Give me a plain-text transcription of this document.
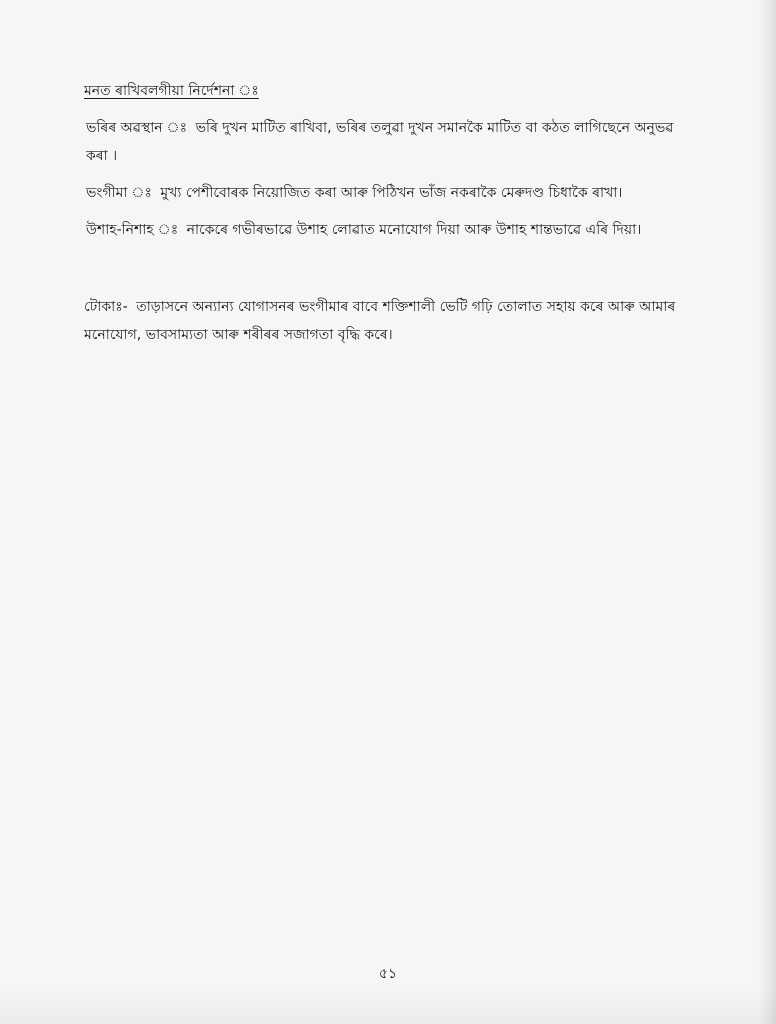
মনত ৰাখিবলগীয়া নির্দেশনা ঃ

ভৰিৰ অৱস্থান ঃ ভৰি দুখন মাটিত ৰাখিবা, ভৰিৰ তলুৱা দুখন সমানকৈ মাটিত বা কঠত লাগিছেনে অনুভৱ কৰা ।

ভংগীমা ঃ মুখ্য পেশীবোৰক নিয়োজিত কৰা আৰু পিঠিখন ভাঁজ নকৰাকৈ মেৰুদণ্ড চিধাকৈ ৰাখা।

উশাহ-নিশাহ ঃ নাকেৰে গভীৰভাৱে উশাহ লোৱাত মনোযোগ দিয়া আৰু উশাহ শান্তভাৱে এৰি দিয়া।

টোকাঃ- তাড়াসনে অন্যান্য যোগাসনৰ ভংগীমাৰ বাবে শক্তিশালী ভেটি গঢ়ি তোলাত সহায় কৰে আৰু আমাৰ মনোযোগ, ভাবসাম্যতা আৰু শৰীৰৰ সজাগতা বৃদ্ধি কৰে।

৫১
